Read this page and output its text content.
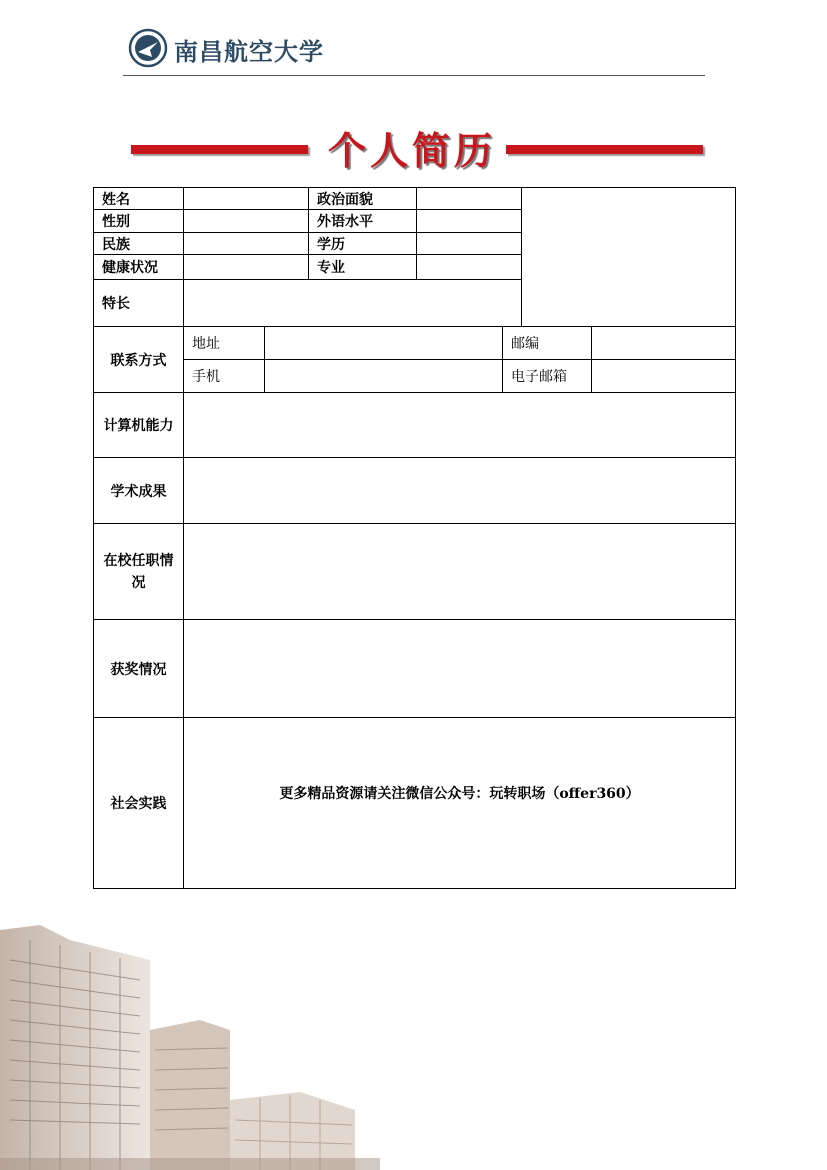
南昌航空大学
个人简历
姓名			政治面貌				
性别			外语水平				
民族			学历				
健康状况			专业				
特长							
联系方式	地址				邮编		
	手机				电子邮箱		
计算机能力							
学术成果							
在校任职情况							
获奖情况							
社会实践	更多精品资源请关注微信公众号：玩转职场（offer360）						
